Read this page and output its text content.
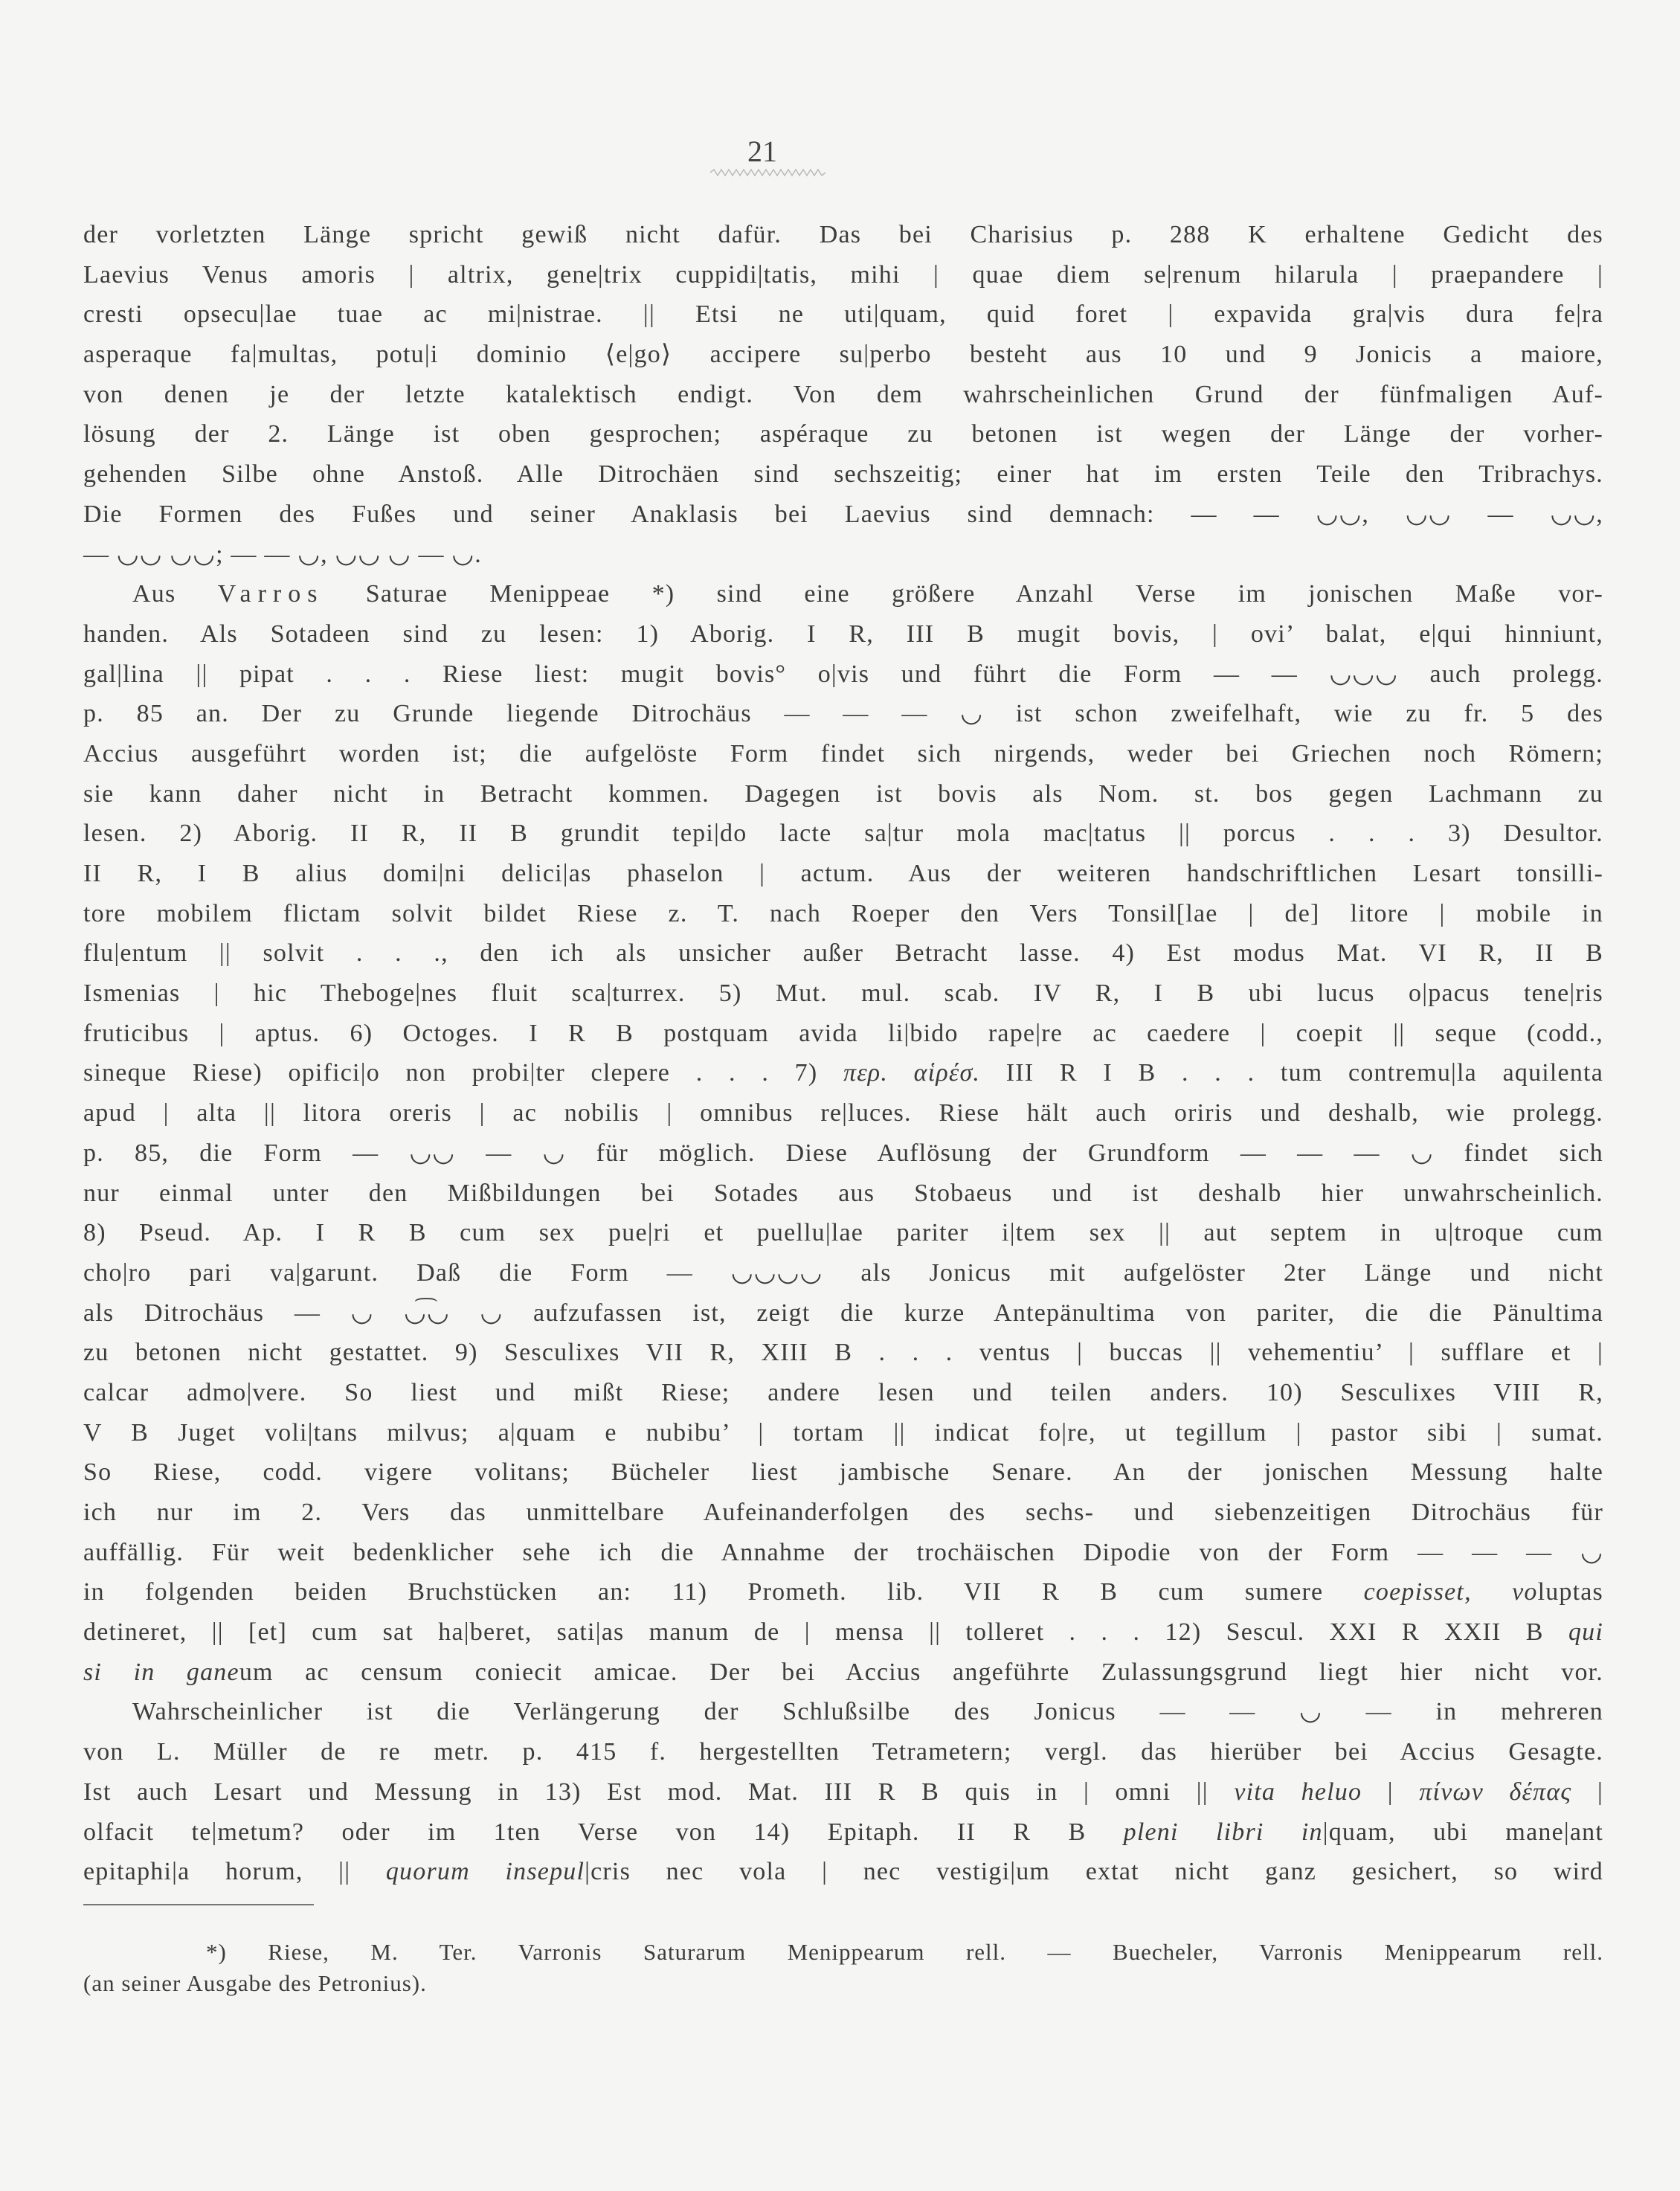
21
der vorletzten Länge spricht gewiß nicht dafür. Das bei Charisius p. 288 K erhaltene Gedicht des
Laevius Venus amoris | altrix, gene|trix cuppidi|tatis, mihi | quae diem se|renum hilarula | praepandere |
cresti opsecu|lae tuae ac mi|nistrae. || Etsi ne uti|quam, quid foret | expavida gra|vis dura fe|ra
asperaque fa|multas, potu|i dominio ⟨e|go⟩ accipere su|perbo besteht aus 10 und 9 Jonicis a maiore,
von denen je der letzte katalektisch endigt. Von dem wahrscheinlichen Grund der fünfmaligen Auf-
lösung der 2. Länge ist oben gesprochen; aspéraque zu betonen ist wegen der Länge der vorher-
gehenden Silbe ohne Anstoß. Alle Ditrochäen sind sechszeitig; einer hat im ersten Teile den Tribrachys.
Die Formen des Fußes und seiner Anaklasis bei Laevius sind demnach: — — ◡◡, ◡◡ — ◡◡,
— ◡◡ ◡◡; — — ◡, ◡◡ ◡ — ◡.
Aus Varros Saturae Menippeae *) sind eine größere Anzahl Verse im jonischen Maße vor-
handen. Als Sotadeen sind zu lesen: 1) Aborig. I R, III B mugit bovis, | ovi’ balat, e|qui hinniunt,
gal|lina || pipat . . . Riese liest: mugit bovis° o|vis und führt die Form — — ◡◡◡ auch prolegg.
p. 85 an. Der zu Grunde liegende Ditrochäus — — — ◡ ist schon zweifelhaft, wie zu fr. 5 des
Accius ausgeführt worden ist; die aufgelöste Form findet sich nirgends, weder bei Griechen noch Römern;
sie kann daher nicht in Betracht kommen. Dagegen ist bovis als Nom. st. bos gegen Lachmann zu
lesen. 2) Aborig. II R, II B grundit tepi|do lacte sa|tur mola mac|tatus || porcus . . . 3) Desultor.
II R, I B alius domi|ni delici|as phaselon | actum. Aus der weiteren handschriftlichen Lesart tonsilli-
tore mobilem flictam solvit bildet Riese z. T. nach Roeper den Vers Tonsil[lae | de] litore | mobile in
flu|entum || solvit . . ., den ich als unsicher außer Betracht lasse. 4) Est modus Mat. VI R, II B
Ismenias | hic Theboge|nes fluit sca|turrex. 5) Mut. mul. scab. IV R, I B ubi lucus o|pacus tene|ris
fruticibus | aptus. 6) Octoges. I R B postquam avida li|bido rape|re ac caedere | coepit || seque (codd.,
sineque Riese) opifici|o non probi|ter clepere . . . 7) περ. αἱρέσ. III R I B . . . tum contremu|la aquilenta
apud | alta || litora oreris | ac nobilis | omnibus re|luces. Riese hält auch oriris und deshalb, wie prolegg.
p. 85, die Form — ◡◡ — ◡ für möglich. Diese Auflösung der Grundform — — — ◡ findet sich
nur einmal unter den Mißbildungen bei Sotades aus Stobaeus und ist deshalb hier unwahrscheinlich.
8) Pseud. Ap. I R B cum sex pue|ri et puellu|lae pariter i|tem sex || aut septem in u|troque cum
cho|ro pari va|garunt. Daß die Form — ◡◡◡◡ als Jonicus mit aufgelöster 2ter Länge und nicht
als Ditrochäus — ◡ ◡͡◡ ◡ aufzufassen ist, zeigt die kurze Antepänultima von pariter, die die Pänultima
zu betonen nicht gestattet. 9) Sesculixes VII R, XIII B . . . ventus | buccas || vehementiu’ | sufflare et |
calcar admo|vere. So liest und mißt Riese; andere lesen und teilen anders. 10) Sesculixes VIII R,
V B Juget voli|tans milvus; a|quam e nubibu’ | tortam || indicat fo|re, ut tegillum | pastor sibi | sumat.
So Riese, codd. vigere volitans; Bücheler liest jambische Senare. An der jonischen Messung halte
ich nur im 2. Vers das unmittelbare Aufeinanderfolgen des sechs- und siebenzeitigen Ditrochäus für
auffällig. Für weit bedenklicher sehe ich die Annahme der trochäischen Dipodie von der Form — — — ◡
in folgenden beiden Bruchstücken an: 11) Prometh. lib. VII R B cum sumere coepisset, voluptas
detineret, || [et] cum sat ha|beret, sati|as manum de | mensa || tolleret . . . 12) Sescul. XXI R XXII B qui
si in ganeum ac censum coniecit amicae. Der bei Accius angeführte Zulassungsgrund liegt hier nicht vor.
Wahrscheinlicher ist die Verlängerung der Schlußsilbe des Jonicus — — ◡ — in mehreren
von L. Müller de re metr. p. 415 f. hergestellten Tetrametern; vergl. das hierüber bei Accius Gesagte.
Ist auch Lesart und Messung in 13) Est mod. Mat. III R B quis in | omni || vita heluo | πίνων δέπας |
olfacit te|metum? oder im 1ten Verse von 14) Epitaph. II R B pleni libri in|quam, ubi mane|ant
epitaphi|a horum, || quorum insepul|cris nec vola | nec vestigi|um extat nicht ganz gesichert, so wird
*) Riese, M. Ter. Varronis Saturarum Menippearum rell. — Buecheler, Varronis Menippearum rell.
(an seiner Ausgabe des Petronius).
